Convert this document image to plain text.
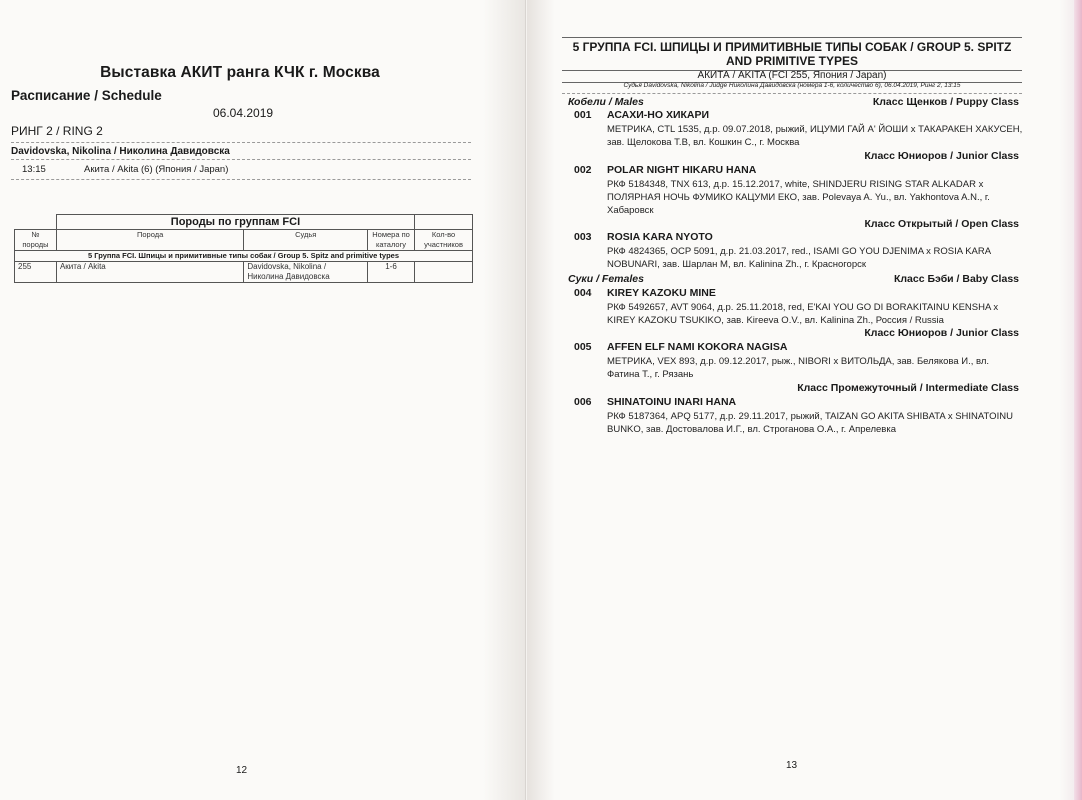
Выставка АКИТ ранга КЧК г. Москва
Расписание / Schedule
06.04.2019
РИНГ 2 / RING 2
Davidovska, Nikolina / Николина Давидовска
13:15	Акита / Akita (6) (Япония / Japan)
	Породы по группам FCI			
№ породы	Порода	Судья	Номера по каталогу	Кол-во участников
5 Группа FCI. Шпицы и примитивные типы собак / Group 5. Spitz and primitive types				
255	Акита / Akita	Davidovska, Nikolina / Николина Давидовска	1-6	
12
5 ГРУППА FCI. ШПИЦЫ И ПРИМИТИВНЫЕ ТИПЫ СОБАК / GROUP 5. SPITZ AND PRIMITIVE TYPES
АКИТА / AKITA (FCI 255, Япония / Japan)
Судья Davidovska, Nikolina / Judge Николина Давидовска (номера 1-6, количество 6), 06.04.2019, Ринг 2, 13:15
Кобели / Males	Класс Щенков / Puppy Class
001 АСАХИ-НО ХИКАРИ
МЕТРИКА, CTL 1535, д.р. 09.07.2018, рыжий, ИЦУМИ ГАЙ А' ЙОШИ х ТАКАРАКЕН ХАКУСЕН, зав. Щелокова Т.В, вл. Кошкин С., г. Москва
Класс Юниоров / Junior Class
002 POLAR NIGHT HIKARU HANA
РКФ 5184348, TNX 613, д.р. 15.12.2017, white, SHINDJERU RISING STAR ALKADAR х ПОЛЯРНАЯ НОЧЬ ФУМИКО КАЦУМИ ЕКО, зав. Polevaya A. Yu., вл. Yakhontova A.N., г. Хабаровск
Класс Открытый / Open Class
003 ROSIA KARA NYOTO
РКФ 4824365, OCP 5091, д.р. 21.03.2017, red., ISAMI GO YOU DJENIMA х ROSIA KARA NOBUNARI, зав. Шарлан М, вл. Kalinina Zh., г. Красногорск
Суки / Females	Класс Бэби / Baby Class
004 KIREY KAZOKU MINE
РКФ 5492657, AVT 9064, д.р. 25.11.2018, red, E'KAI YOU GO DI BORAKITAINU KENSHA х KIREY KAZOKU TSUKIKO, зав. Kireeva O.V., вл. Kalinina Zh., Россия / Russia
Класс Юниоров / Junior Class
005 AFFEN ELF NAMI KOKORA NAGISA
МЕТРИКА, VEX 893, д.р. 09.12.2017, рыж., NIBORI х ВИТОЛЬДА, зав. Белякова И., вл. Фатина Т., г. Рязань
Класс Промежуточный / Intermediate Class
006 SHINATOINU INARI HANA
РКФ 5187364, APQ 5177, д.р. 29.11.2017, рыжий, TAIZAN GO AKITA SHIBATA х SHINATOINU BUNKO, зав. Достовалова И.Г., вл. Строганова О.А., г. Апрелевка
13
